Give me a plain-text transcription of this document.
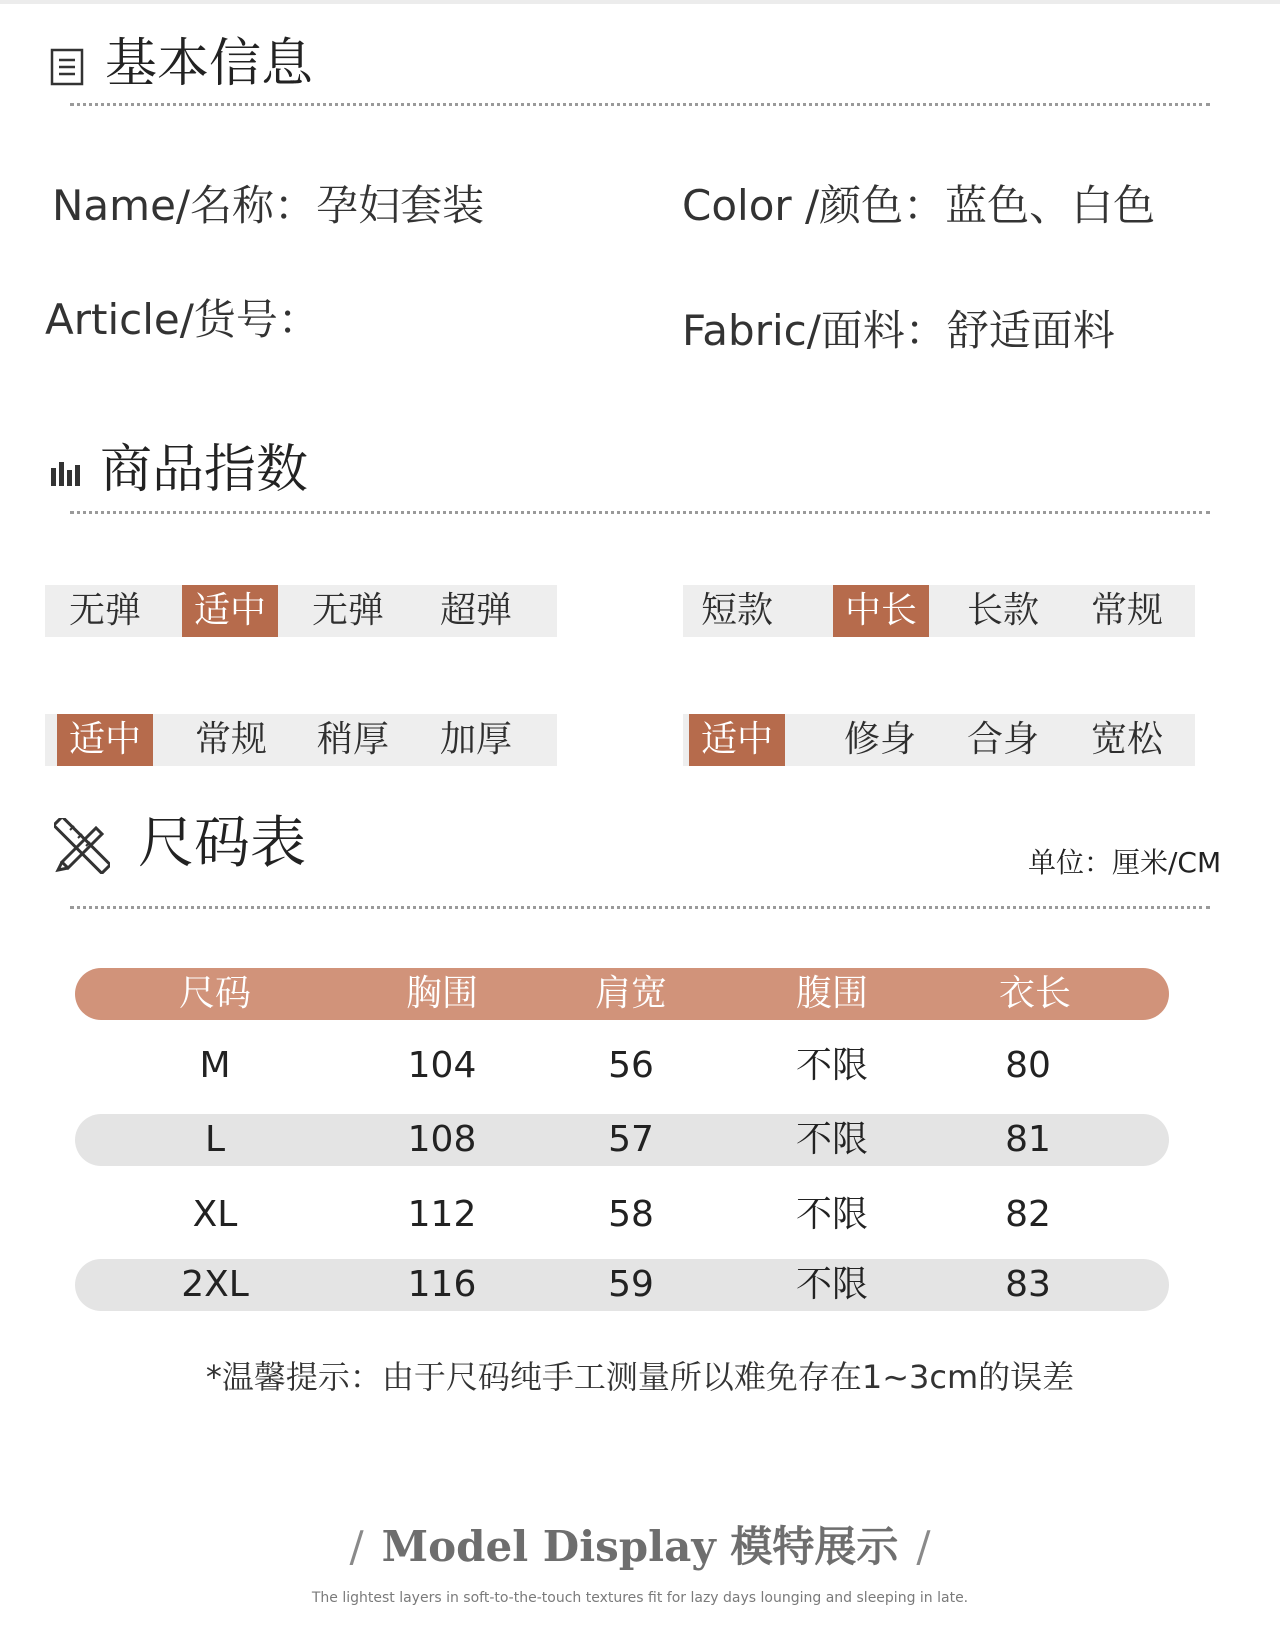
基本信息
Name/名称：孕妇套装	Color /颜色：蓝色、白色
Article/货号：	Fabric/面料：舒适面料
商品指数
无弹	适中	无弹	超弹	短款	中长	长款	常规
适中	常规	稍厚	加厚	适中	修身	合身	宽松
尺码表	单位：厘米/CM
尺码	胸围	肩宽	腹围	衣长
M	104	56	不限	80
L	108	57	不限	81
XL	112	58	不限	82
2XL	116	59	不限	83
*温馨提示：由于尺码纯手工测量所以难免存在1~3cm的误差
/ Model Display 模特展示 /
The lightest layers in soft-to-the-touch textures fit for lazy days lounging and sleeping in late.
